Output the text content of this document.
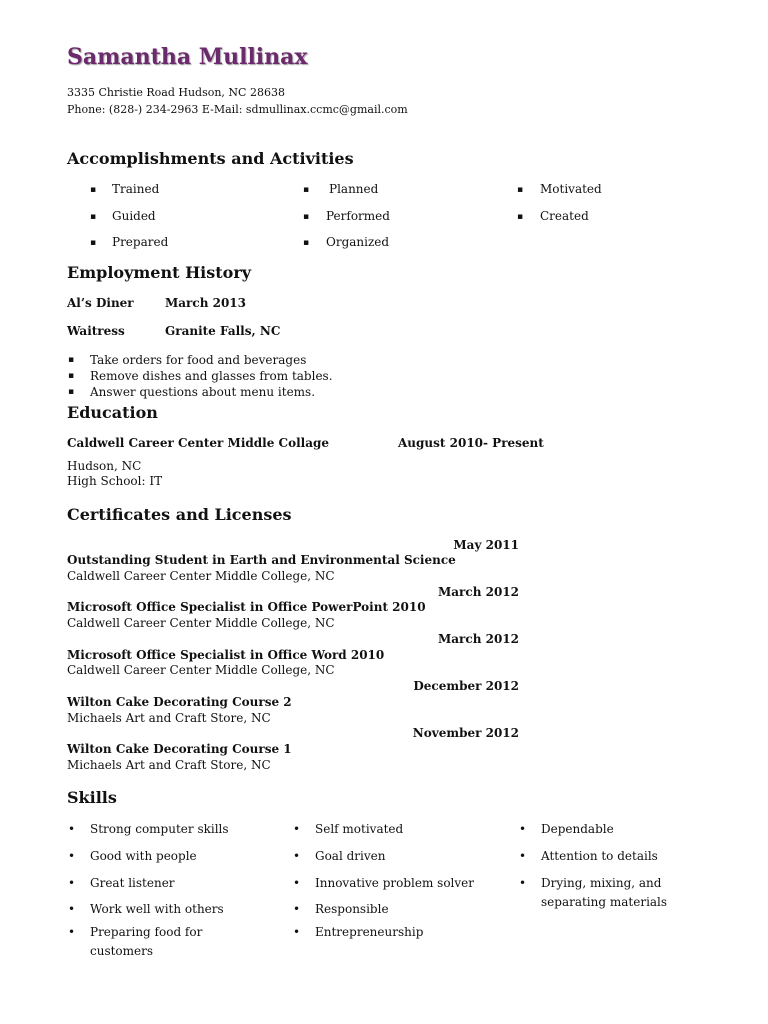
Samantha Mullinax
3335 Christie Road Hudson, NC 28638
Phone: (828-) 234-2963 E-Mail: sdmullinax.ccmc@gmail.com
Accomplishments and Activities
▪ Trained
▪ Guided
▪ Prepared
▪ Planned
▪ Performed
▪ Organized
▪ Motivated
▪ Created
Employment History
Al’s Diner	March 2013
Waitress	Granite Falls, NC
▪ Take orders for food and beverages
▪ Remove dishes and glasses from tables.
▪ Answer questions about menu items.
Education
Caldwell Career Center Middle Collage	August 2010- Present
Hudson, NC
High School: IT
Certificates and Licenses
May 2011
Outstanding Student in Earth and Environmental Science
Caldwell Career Center Middle College, NC
March 2012
Microsoft Office Specialist in Office PowerPoint 2010
Caldwell Career Center Middle College, NC
March 2012
Microsoft Office Specialist in Office Word 2010
Caldwell Career Center Middle College, NC
December 2012
Wilton Cake Decorating Course 2
Michaels Art and Craft Store, NC
November 2012
Wilton Cake Decorating Course 1
Michaels Art and Craft Store, NC
Skills
• Strong computer skills
• Good with people
• Great listener
• Work well with others
• Preparing food for
customers
• Self motivated
• Goal driven
• Innovative problem solver
• Responsible
• Entrepreneurship
• Dependable
• Attention to details
• Drying, mixing, and
separating materials
